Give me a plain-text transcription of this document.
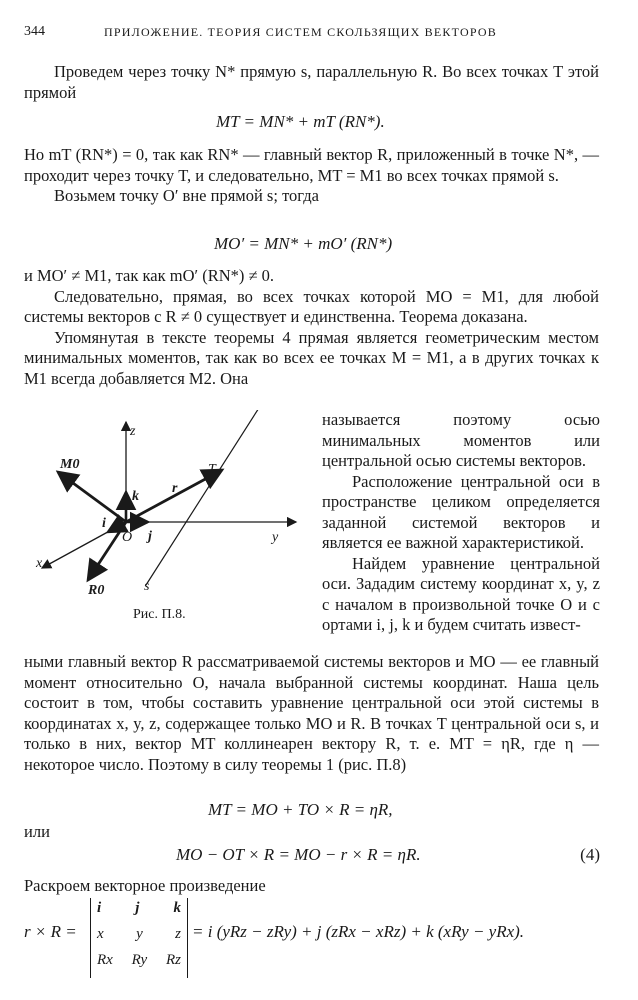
344	ПРИЛОЖЕНИЕ. ТЕОРИЯ СИСТЕМ СКОЛЬЗЯЩИХ ВЕКТОРОВ

Проведем через точку N* прямую s, параллельную R. Во всех точках T этой прямой

MT = MN* + mT (RN*).

Но mT (RN*) = 0, так как RN* — главный вектор R, приложенный в точке N*, — проходит через точку T, и следовательно, MT = M1 во всех точках прямой s.

Возьмем точку O′ вне прямой s; тогда

MO′ = MN* + mO′ (RN*)

и MO′ ≠ M1, так как mO′ (RN*) ≠ 0.

Следовательно, прямая, во всех точках которой MO = M1, для любой системы векторов с R ≠ 0 существует и единственна. Теорема доказана.

Упомянутая в тексте теоремы 4 прямая является геометрическим местом минимальных моментов, так как во всех ее точках M = M1, а в других точках к M1 всегда добавляется M2. Она

называется поэтому осью минимальных моментов или центральной осью системы векторов.

Расположение центральной оси в пространстве целиком определяется заданной системой векторов и является ее важной характеристикой.

Найдем уравнение центральной оси. Зададим систему координат x, y, z с началом в произвольной точке O и с ортами i, j, k и будем считать извест-

z
y
x
M0	T
r
k
i
j
O
R0	s
Рис. П.8.

ными главный вектор R рассматриваемой системы векторов и MO — ее главный момент относительно O, начала выбранной системы координат. Наша цель состоит в том, чтобы составить уравнение центральной оси этой системы в координатах x, y, z, содержащее только MO и R. В точках T центральной оси s, и только в них, вектор MT коллинеарен вектору R, т. е. MT = ηR, где η — некоторое число. Поэтому в силу теоремы 1 (рис. П.8)

MT = MO + TO × R = ηR,
или
MO − OT × R = MO − r × R = ηR.	(4)

Раскроем векторное произведение

r × R =
i j k
x y z
Rx Ry Rz
= i (yRz − zRy) + j (zRx − xRz) + k (xRy − yRx).
